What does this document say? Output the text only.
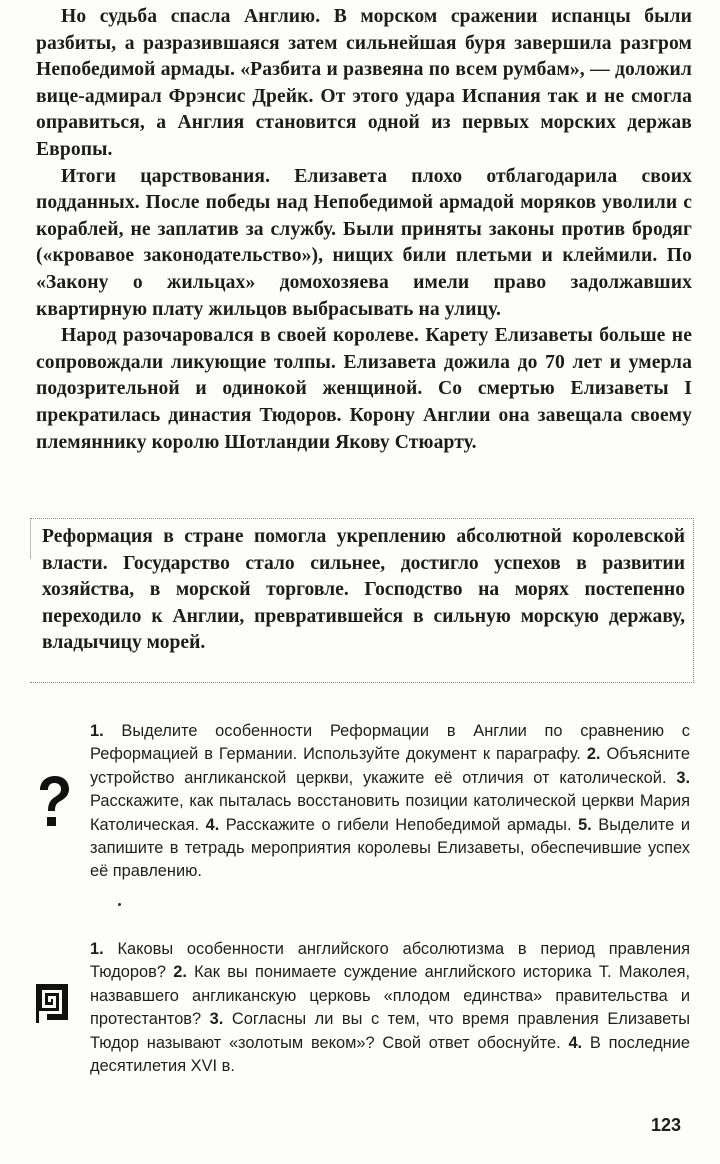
Но судьба спасла Англию. В морском сражении испанцы были разбиты, а разразившаяся затем сильнейшая буря завершила разгром Непобедимой армады. «Разбита и развеяна по всем румбам», — доложил вице-адмирал Фрэнсис Дрейк. От этого удара Испания так и не смогла оправиться, а Англия становится одной из первых морских держав Европы.

Итоги царствования. Елизавета плохо отблагодарила своих подданных. После победы над Непобедимой армадой моряков уволили с кораблей, не заплатив за службу. Были приняты законы против бродяг («кровавое законодательство»), нищих били плетьми и клеймили. По «Закону о жильцах» домохозяева имели право задолжавших квартирную плату жильцов выбрасывать на улицу.

Народ разочаровался в своей королеве. Карету Елизаветы больше не сопровождали ликующие толпы. Елизавета дожила до 70 лет и умерла подозрительной и одинокой женщиной. Со смертью Елизаветы I прекратилась династия Тюдоров. Корону Англии она завещала своему племяннику королю Шотландии Якову Стюарту.

Реформация в стране помогла укреплению абсолютной королевской власти. Государство стало сильнее, достигло успехов в развитии хозяйства, в морской торговле. Господство на морях постепенно переходило к Англии, превратившейся в сильную морскую державу, владычицу морей.

1. Выделите особенности Реформации в Англии по сравнению с Реформацией в Германии. Используйте документ к параграфу. 2. Объясните устройство англиканской церкви, укажите её отличия от католической. 3. Расскажите, как пыталась восстановить позиции католической церкви Мария Католическая. 4. Расскажите о гибели Непобедимой армады. 5. Выделите и запишите в тетрадь мероприятия королевы Елизаветы, обеспечившие успех её правлению.
1. Каковы особенности английского абсолютизма в период правления Тюдоров? 2. Как вы понимаете суждение английского историка Т. Маколея, назвавшего англиканскую церковь «плодом единства» правительства и протестантов? 3. Согласны ли вы с тем, что время правления Елизаветы Тюдор называют «золотым веком»? Свой ответ обоснуйте. 4. В последние десятилетия XVI в.
123
